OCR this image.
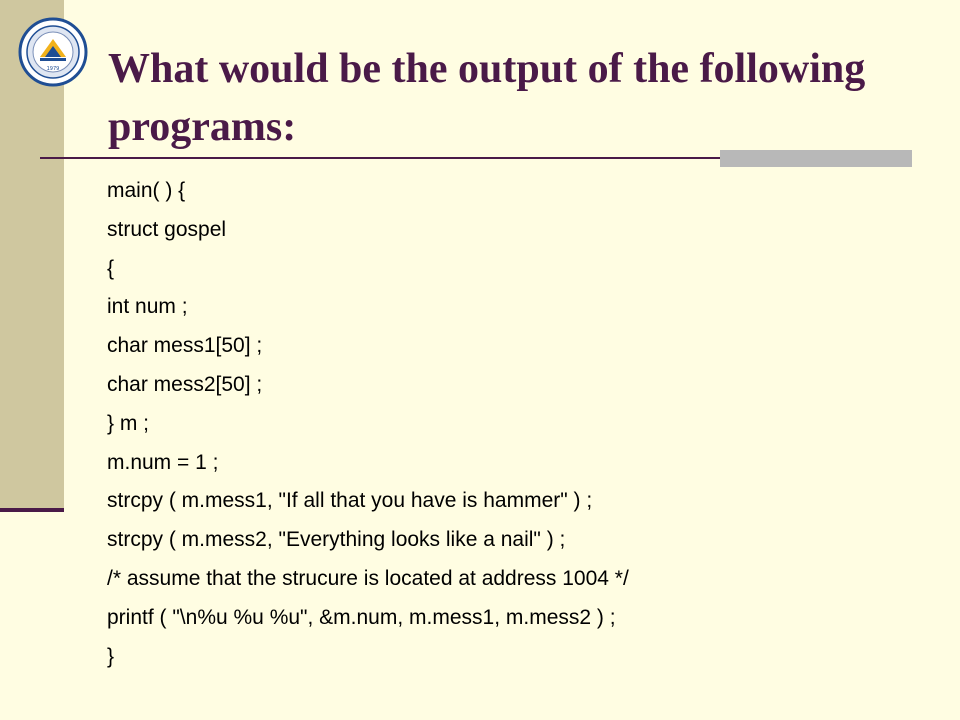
1979 What would be the output of the following programs:
main( ) {
struct gospel
{
int num ;
char mess1[50] ;
char mess2[50] ;
} m ;
m.num = 1 ;
strcpy ( m.mess1, "If all that you have is hammer" ) ;
strcpy ( m.mess2, "Everything looks like a nail" ) ;
/* assume that the strucure is located at address 1004 */
printf ( "\n%u %u %u", &m.num, m.mess1, m.mess2 ) ;
}
